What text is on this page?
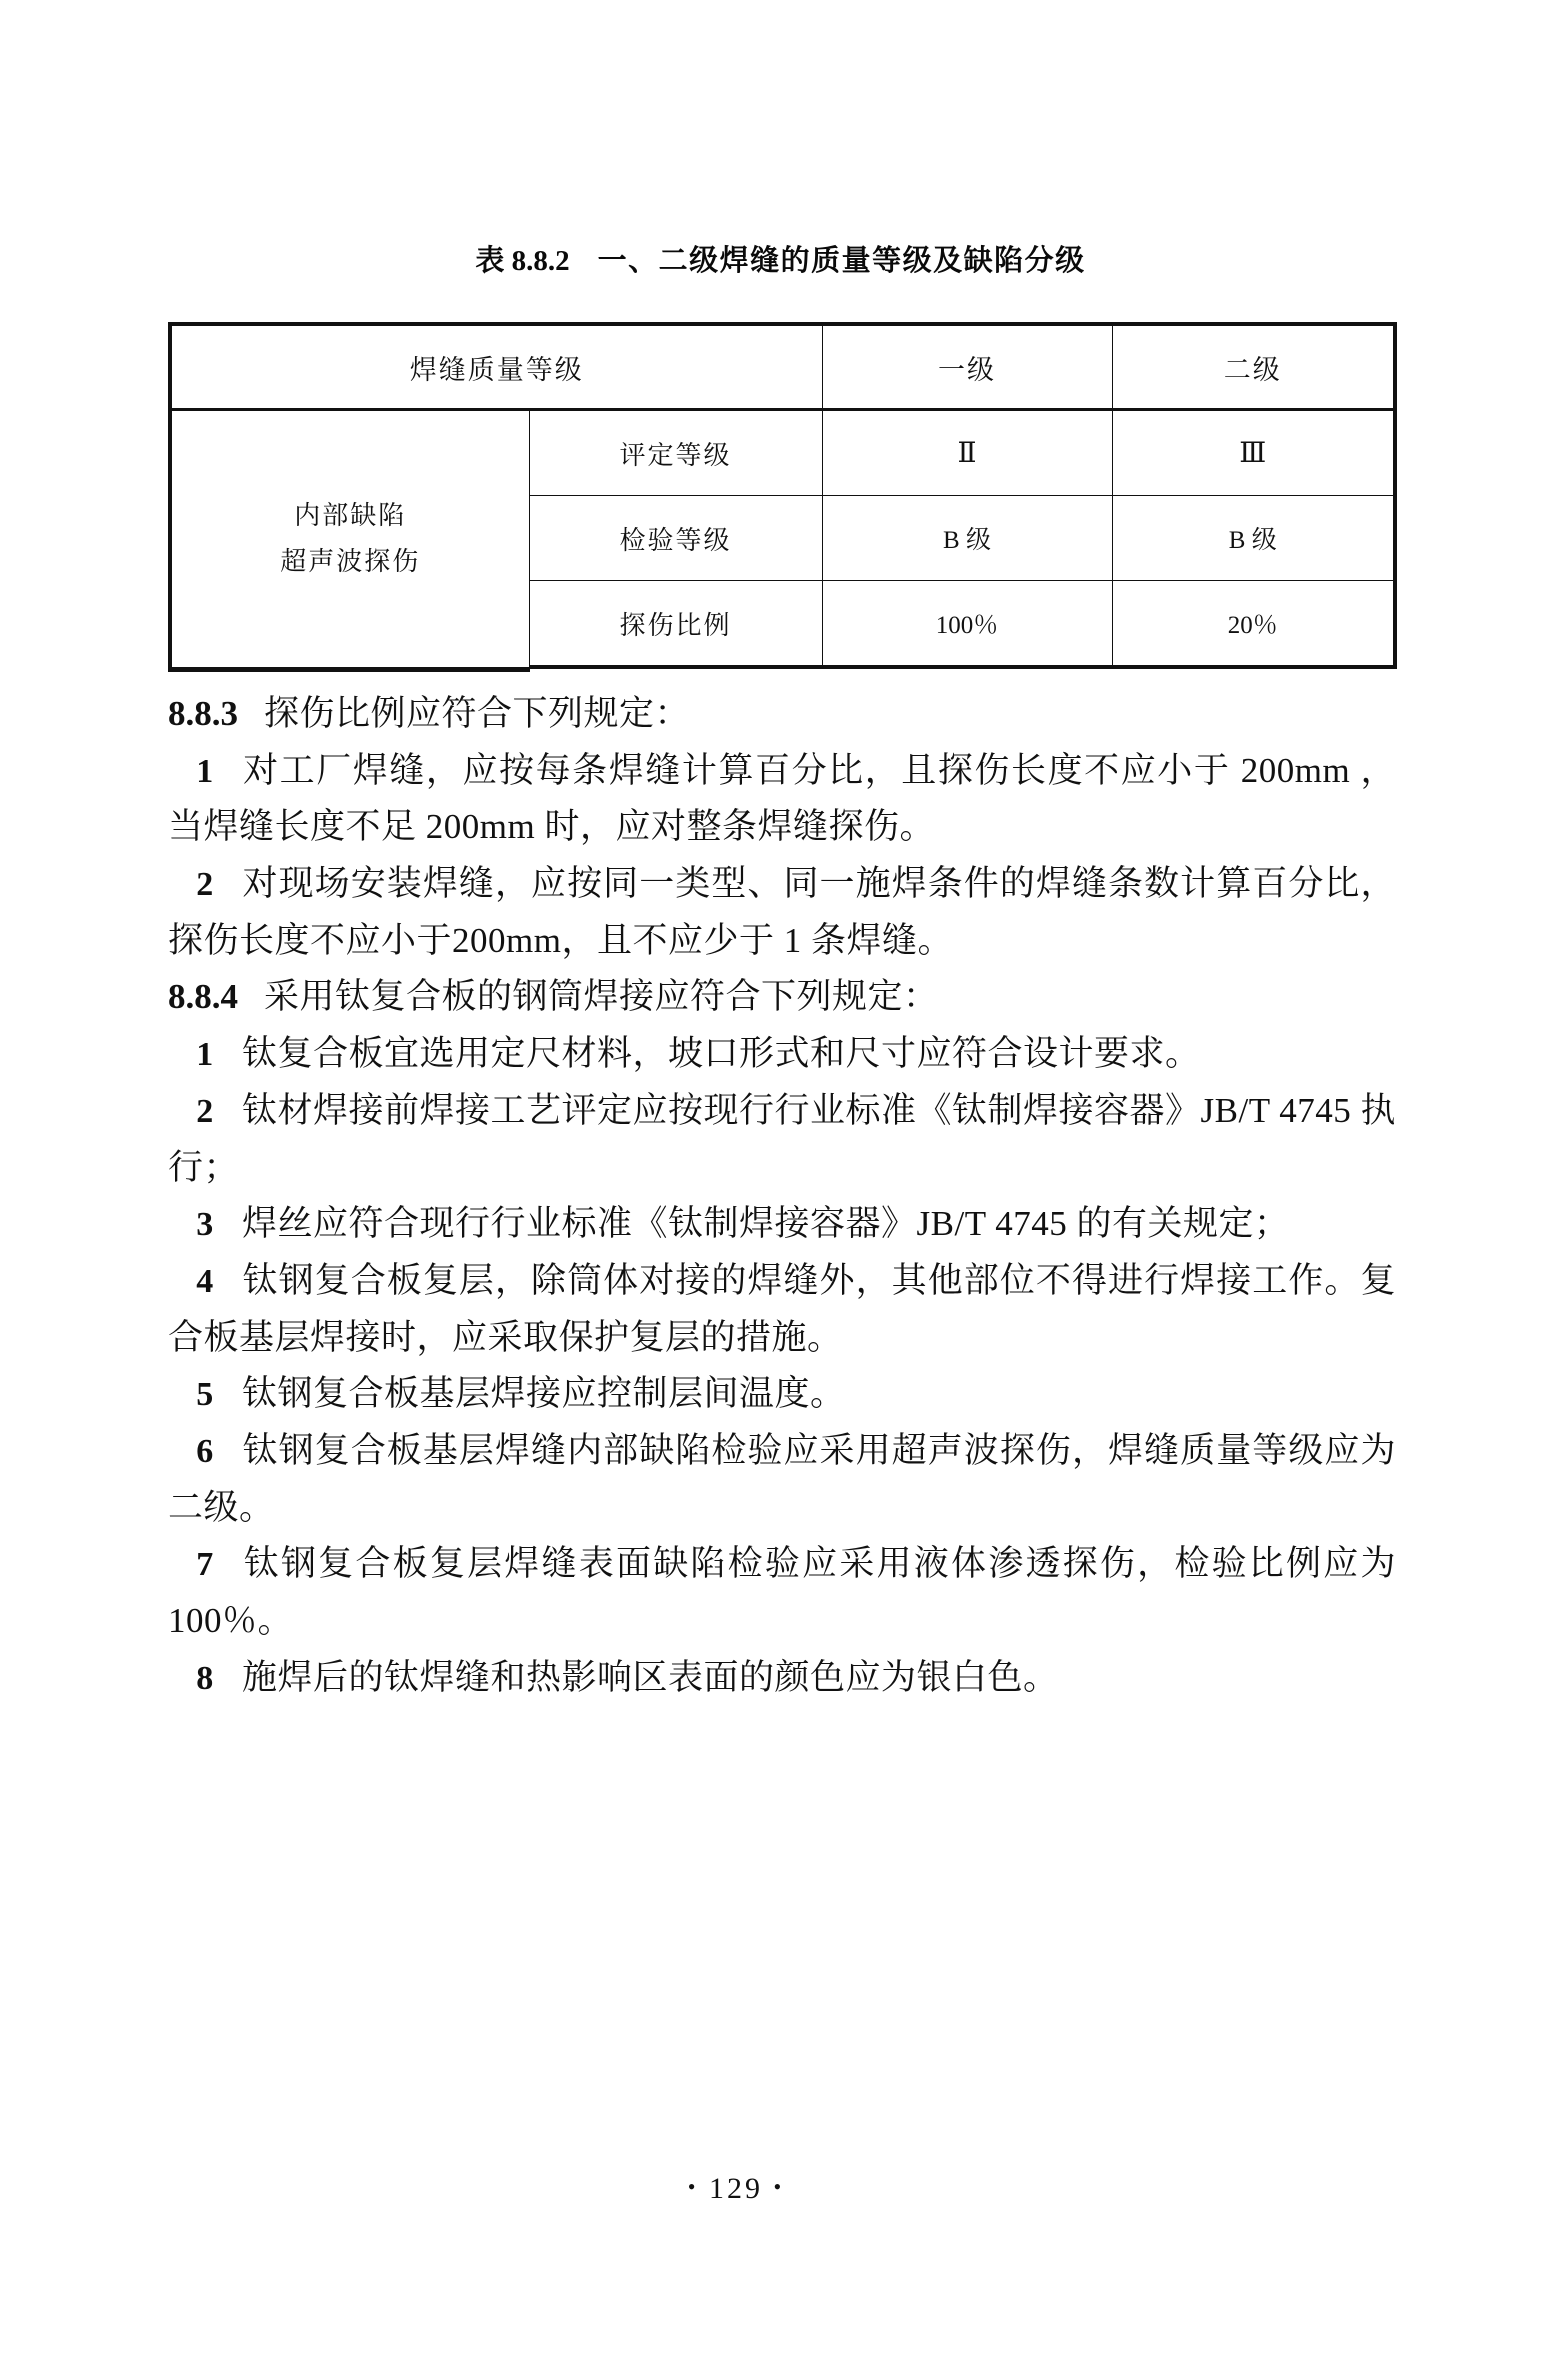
表 8.8.2 一、二级焊缝的质量等级及缺陷分级
焊缝质量等级		一级	二级

内部缺陷
超声波探伤	评定等级	Ⅱ	Ⅲ
	检验等级	B 级	B 级
	探伤比例	100％	20％

8.8.3 探伤比例应符合下列规定：

1 对工厂焊缝，应按每条焊缝计算百分比，且探伤长度不应小于 200mm ，当焊缝长度不足 200mm 时，应对整条焊缝探伤。

2 对现场安装焊缝，应按同一类型、同一施焊条件的焊缝条数计算百分比，探伤长度不应小于200mm，且不应少于 1 条焊缝。

8.8.4 采用钛复合板的钢筒焊接应符合下列规定：

1 钛复合板宜选用定尺材料，坡口形式和尺寸应符合设计要求。

2 钛材焊接前焊接工艺评定应按现行行业标准《钛制焊接容器》JB/T 4745 执行；

3 焊丝应符合现行行业标准《钛制焊接容器》JB/T 4745 的有关规定；

4 钛钢复合板复层，除筒体对接的焊缝外，其他部位不得进行焊接工作。复合板基层焊接时，应采取保护复层的措施。

5 钛钢复合板基层焊接应控制层间温度。

6 钛钢复合板基层焊缝内部缺陷检验应采用超声波探伤，焊缝质量等级应为二级。

7 钛钢复合板复层焊缝表面缺陷检验应采用液体渗透探伤，检验比例应为 100％。

8 施焊后的钛焊缝和热影响区表面的颜色应为银白色。

• 129 •
